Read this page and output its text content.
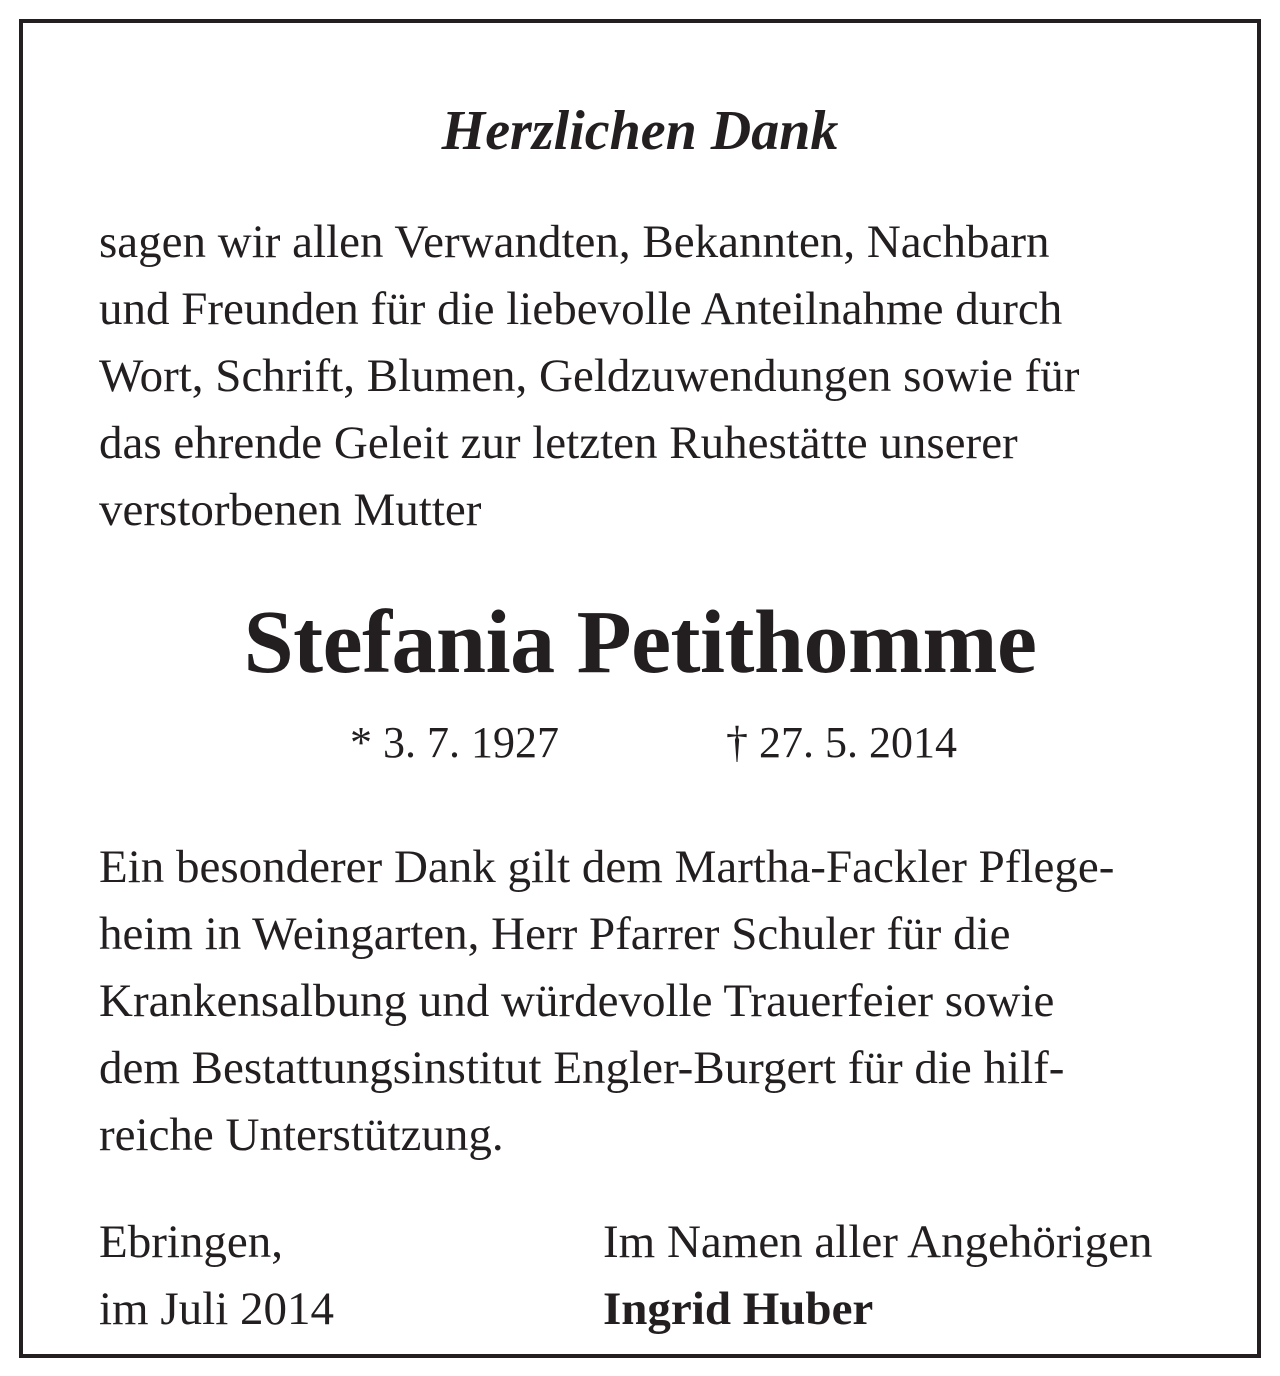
Herzlichen Dank
sagen wir allen Verwandten, Bekannten, Nachbarn
und Freunden für die liebevolle Anteilnahme durch
Wort, Schrift, Blumen, Geldzuwendungen sowie für
das ehrende Geleit zur letzten Ruhestätte unserer
verstorbenen Mutter
Stefania Petithomme
* 3. 7. 1927	† 27. 5. 2014
Ein besonderer Dank gilt dem Martha-Fackler Pflege-
heim in Weingarten, Herr Pfarrer Schuler für die
Krankensalbung und würdevolle Trauerfeier sowie
dem Bestattungsinstitut Engler-Burgert für die hilf-
reiche Unterstützung.
Ebringen,
im Juli 2014
Im Namen aller Angehörigen
Ingrid Huber
